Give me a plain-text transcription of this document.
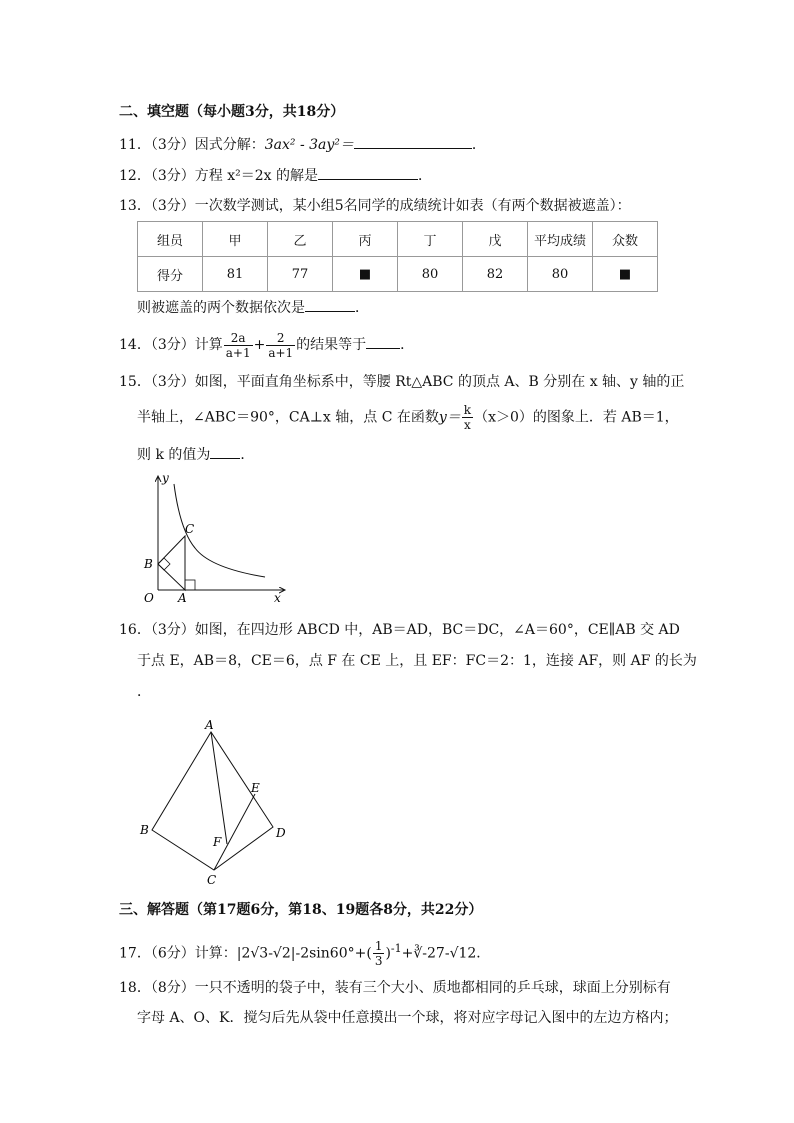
二、填空题（每小题3分，共18分）
11．（3分）因式分解：3ax² - 3ay²＝	．
12．（3分）方程 x²＝2x 的解是	．
13．（3分）一次数学测试，某小组5名同学的成绩统计如表（有两个数据被遮盖）：
组员	甲	乙	丙	丁	戊	平均成绩	众数
得分	81	77	■	80	82	80	■
则被遮盖的两个数据依次是	．
14．（3分）计算 $\frac{2a}{a+1} + \frac{2}{a+1}$ 的结果等于 ．
15．（3分）如图，平面直角坐标系中，等腰 Rt△ABC 的顶点 A、B 分别在 x 轴、y 轴的正
半轴上，∠ABC＝90°，CA⊥x 轴，点 C 在函数$y= \frac{k}{x} (x>0)$的图象上．若 AB＝1，
则 k 的值为 ．
y
x
O A
B
C
16．（3分）如图，在四边形 ABCD 中，AB＝AD，BC＝DC，∠A＝60°，CE∥AB 交 AD
于点 E，AB＝8，CE＝6，点 F 在 CE 上，且 EF：FC＝2：1，连接 AF，则 AF 的长为
．
A
B
C
D
E
F
三、解答题（第17题6分，第18、19题各8分，共22分）
17．（6分）计算：$|2√3-√2|-2\sin 60^\circ+( \frac{1}{3}$ )$^{-1}+∛-27-√12$．
18．（8分）一只不透明的袋子中，装有三个大小、质地都相同的乒乓球，球面上分别标有
字母 A、O、K．搅匀后先从袋中任意摸出一个球，将对应字母记入图中的左边方格内；
